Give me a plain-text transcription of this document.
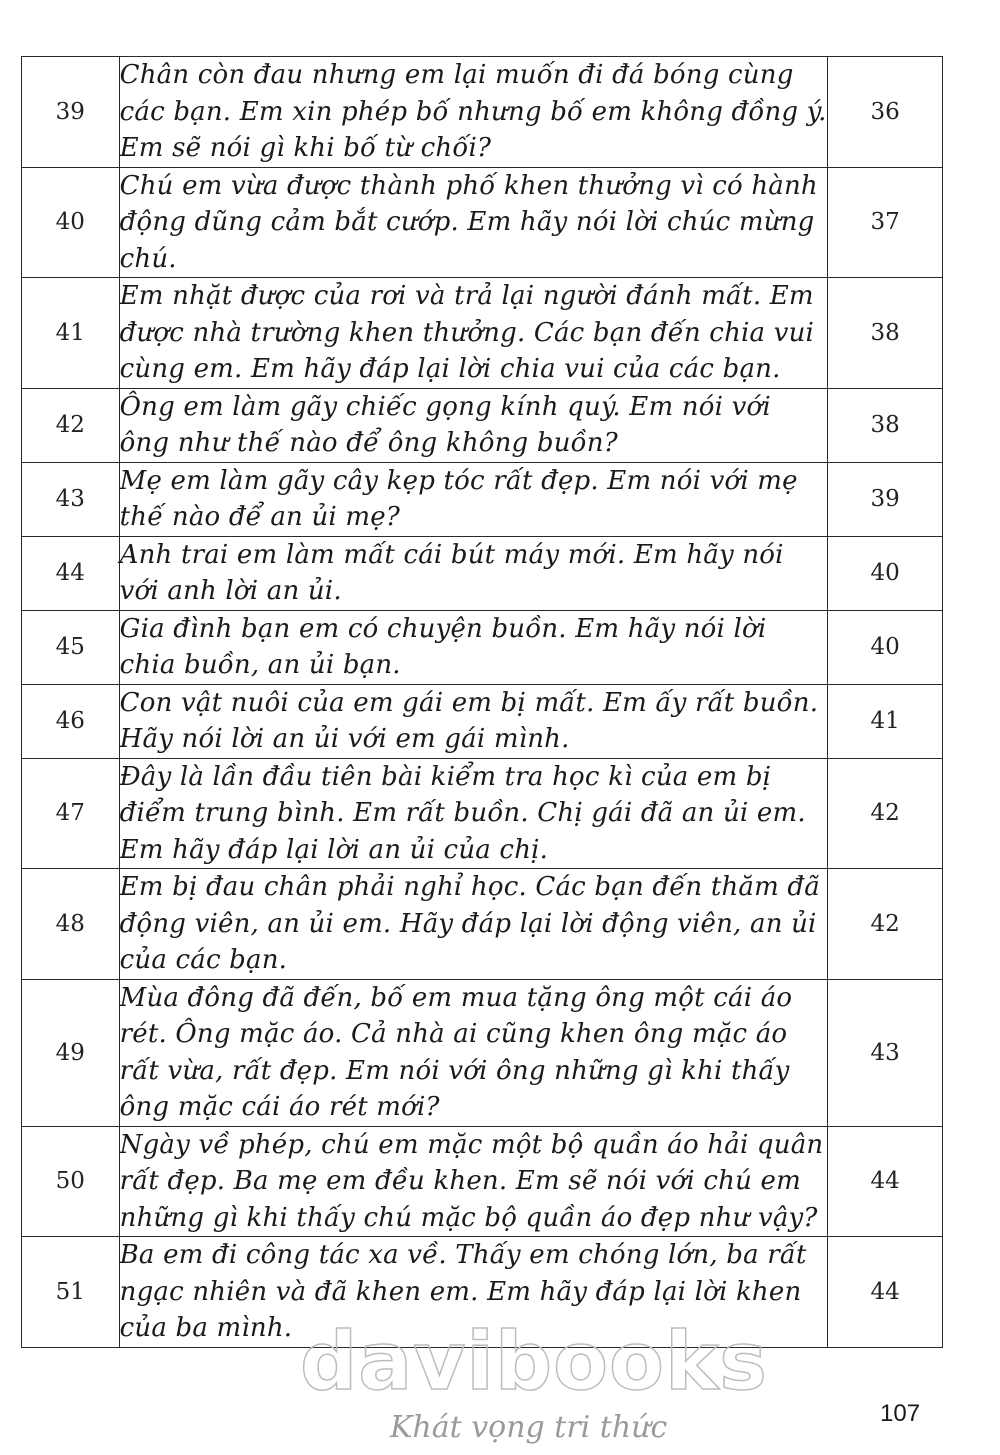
39	Chân còn đau nhưng em lại muốn đi đá bóng cùng các bạn. Em xin phép bố nhưng bố em không đồng ý. Em sẽ nói gì khi bố từ chối?	36
40	Chú em vừa được thành phố khen thưởng vì có hành động dũng cảm bắt cướp. Em hãy nói lời chúc mừng chú.	37
41	Em nhặt được của rơi và trả lại người đánh mất. Em được nhà trường khen thưởng. Các bạn đến chia vui cùng em. Em hãy đáp lại lời chia vui của các bạn.	38
42	Ông em làm gãy chiếc gọng kính quý. Em nói với ông như thế nào để ông không buồn?	38
43	Mẹ em làm gãy cây kẹp tóc rất đẹp. Em nói với mẹ thế nào để an ủi mẹ?	39
44	Anh trai em làm mất cái bút máy mới. Em hãy nói với anh lời an ủi.	40
45	Gia đình bạn em có chuyện buồn. Em hãy nói lời chia buồn, an ủi bạn.	40
46	Con vật nuôi của em gái em bị mất. Em ấy rất buồn. Hãy nói lời an ủi với em gái mình.	41
47	Đây là lần đầu tiên bài kiểm tra học kì của em bị điểm trung bình. Em rất buồn. Chị gái đã an ủi em. Em hãy đáp lại lời an ủi của chị.	42
48	Em bị đau chân phải nghỉ học. Các bạn đến thăm đã động viên, an ủi em. Hãy đáp lại lời động viên, an ủi của các bạn.	42
49	Mùa đông đã đến, bố em mua tặng ông một cái áo rét. Ông mặc áo. Cả nhà ai cũng khen ông mặc áo rất vừa, rất đẹp. Em nói với ông những gì khi thấy ông mặc cái áo rét mới?	43
50	Ngày về phép, chú em mặc một bộ quần áo hải quân rất đẹp. Ba mẹ em đều khen. Em sẽ nói với chú em những gì khi thấy chú mặc bộ quần áo đẹp như vậy?	44
51	Ba em đi công tác xa về. Thấy em chóng lớn, ba rất ngạc nhiên và đã khen em. Em hãy đáp lại lời khen của ba mình.	44
davibooks
Khát vọng tri thức	107
